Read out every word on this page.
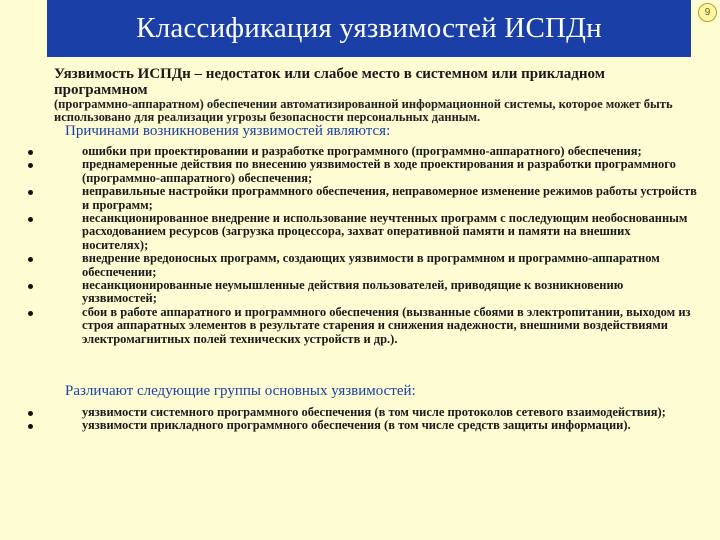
Классификация уязвимостей ИСПДн	9
Уязвимость ИСПДн – недостаток или слабое место в системном или прикладном программном
(программно-аппаратном) обеспечении автоматизированной информационной системы, которое может быть использовано для реализации угрозы безопасности персональных данным.
Причинами возникновения уязвимостей являются:
ошибки при проектировании и разработке программного (программно-аппаратного) обеспечения;
преднамеренные действия по внесению уязвимостей в ходе проектирования и разработки программного (программно-аппаратного) обеспечения;
неправильные настройки программного обеспечения, неправомерное изменение режимов работы устройств и программ;
несанкционированное внедрение и использование неучтенных программ с последующим необоснованным расходованием ресурсов (загрузка процессора, захват оперативной памяти и памяти на внешних носителях);
внедрение вредоносных программ, создающих уязвимости в программном и программно-аппаратном обеспечении;
несанкционированные неумышленные действия пользователей, приводящие к возникновению уязвимостей;
сбои в работе аппаратного и программного обеспечения (вызванные сбоями в электропитании, выходом из строя аппаратных элементов в результате старения и снижения надежности, внешними воздействиями электромагнитных полей технических устройств и др.).
Различают следующие группы основных уязвимостей:
уязвимости системного программного обеспечения (в том числе протоколов сетевого взаимодействия);
уязвимости прикладного программного обеспечения (в том числе средств защиты информации).
